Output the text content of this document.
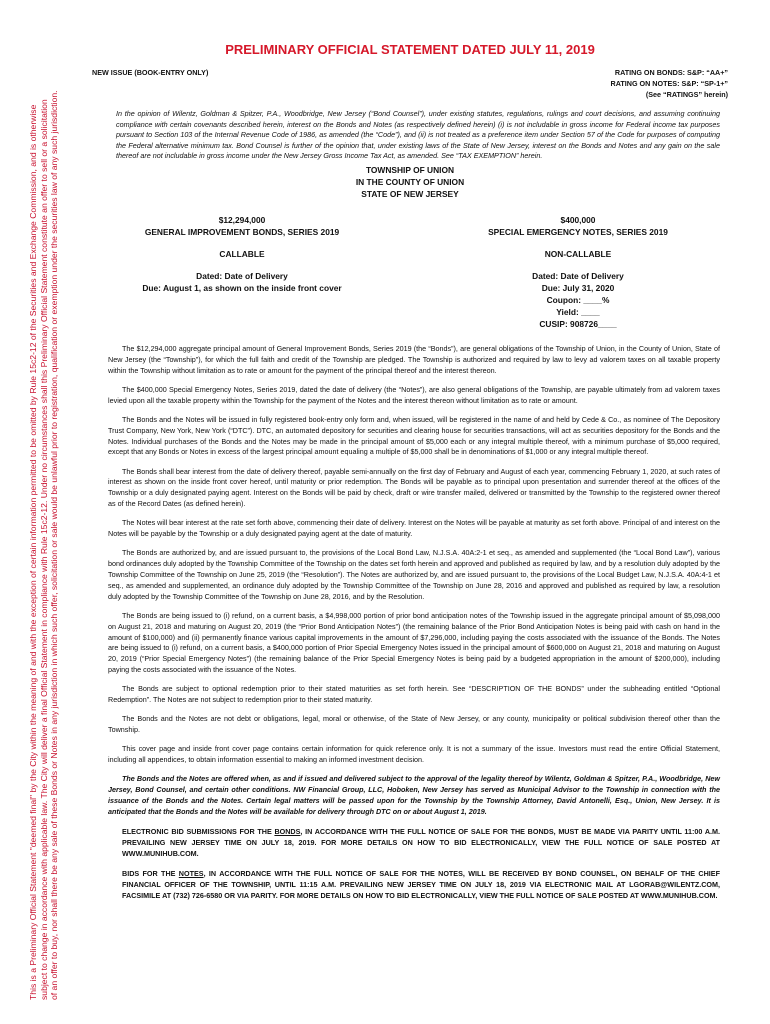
This is a Preliminary Official Statement "deemed final" by the City within the meaning of and with the exception of certain information permitted to be omitted by Rule 15c2-12 of the Securities and Exchange Commission, and is otherwise subject to change in accordance with applicable law. The City will deliver a final Official Statement in compliance with Rule 15c2-12. Under no circumstances shall this Preliminary Official Statement constitute an offer to sell or a solicitation of an offer to buy, nor shall there be any sale of these Bonds or Notes in any jurisdiction in which such offer, solicitation or sale would be unlawful prior to registration, qualification or exemption under the securities law of any such jurisdiction.
PRELIMINARY OFFICIAL STATEMENT DATED JULY 11, 2019
NEW ISSUE (BOOK-ENTRY ONLY)	RATING ON BONDS: S&P: “AA+”
RATING ON NOTES: S&P: “SP-1+”
(See “RATINGS” herein)
In the opinion of Wilentz, Goldman & Spitzer, P.A., Woodbridge, New Jersey (“Bond Counsel”), under existing statutes, regulations, rulings and court decisions, and assuming continuing compliance with certain covenants described herein, interest on the Bonds and Notes (as respectively defined herein) (i) is not includable in gross income for Federal income tax purposes pursuant to Section 103 of the Internal Revenue Code of 1986, as amended (the “Code”), and (ii) is not treated as a preference item under Section 57 of the Code for purposes of computing the Federal alternative minimum tax. Bond Counsel is further of the opinion that, under existing laws of the State of New Jersey, interest on the Bonds and Notes and any gain on the sale thereof are not includable in gross income under the New Jersey Gross Income Tax Act, as amended. See “TAX EXEMPTION” herein.
TOWNSHIP OF UNION
IN THE COUNTY OF UNION
STATE OF NEW JERSEY
$12,294,000
GENERAL IMPROVEMENT BONDS, SERIES 2019
CALLABLE
Dated: Date of Delivery
Due: August 1, as shown on the inside front cover
$400,000
SPECIAL EMERGENCY NOTES, SERIES 2019
NON-CALLABLE
Dated: Date of Delivery
Due: July 31, 2020
Coupon: ____%
Yield: ____
CUSIP: 908726____

The $12,294,000 aggregate principal amount of General Improvement Bonds, Series 2019 (the “Bonds”), are general obligations of the Township of Union, in the County of Union, State of New Jersey (the “Township”), for which the full faith and credit of the Township are pledged. The Township is authorized and required by law to levy ad valorem taxes on all taxable property within the Township without limitation as to rate or amount for the payment of the principal thereof and the interest thereon.

The $400,000 Special Emergency Notes, Series 2019, dated the date of delivery (the “Notes”), are also general obligations of the Township, are payable ultimately from ad valorem taxes levied upon all the taxable property within the Township for the payment of the Notes and the interest thereon without limitation as to rate or amount.

The Bonds and the Notes will be issued in fully registered book-entry only form and, when issued, will be registered in the name of and held by Cede & Co., as nominee of The Depository Trust Company, New York, New York (“DTC”). DTC, an automated depository for securities and clearing house for securities transactions, will act as securities depository for the Bonds and the Notes. Individual purchases of the Bonds and the Notes may be made in the principal amount of $5,000 each or any integral multiple thereof, with a minimum purchase of $5,000 required, except that any Bonds or Notes in excess of the largest principal amount equaling a multiple of $5,000 shall be in denominations of $1,000 or any integral multiple thereof.

The Bonds shall bear interest from the date of delivery thereof, payable semi-annually on the first day of February and August of each year, commencing February 1, 2020, at such rates of interest as shown on the inside front cover hereof, until maturity or prior redemption. The Bonds will be payable as to principal upon presentation and surrender thereof at the offices of the Township or a duly designated paying agent. Interest on the Bonds will be paid by check, draft or wire transfer mailed, delivered or transmitted by the Township to the registered owner thereof as of the Record Dates (as defined herein).

The Notes will bear interest at the rate set forth above, commencing their date of delivery. Interest on the Notes will be payable at maturity as set forth above. Principal of and interest on the Notes will be payable by the Township or a duly designated paying agent at the date of maturity.

The Bonds are authorized by, and are issued pursuant to, the provisions of the Local Bond Law, N.J.S.A. 40A:2-1 et seq., as amended and supplemented (the “Local Bond Law”), various bond ordinances duly adopted by the Township Committee of the Township on the dates set forth herein and approved and published as required by law, and by a resolution duly adopted by the Township Committee of the Township on June 25, 2019 (the “Resolution”). The Notes are authorized by, and are issued pursuant to, the provisions of the Local Budget Law, N.J.S.A. 40A:4-1 et seq., as amended and supplemented, an ordinance duly adopted by the Township Committee of the Township on June 28, 2016 and approved and published as required by law, a resolution duly adopted by the Township Committee of the Township on June 28, 2016, and by the Resolution.

The Bonds are being issued to (i) refund, on a current basis, a $4,998,000 portion of prior bond anticipation notes of the Township issued in the aggregate principal amount of $5,098,000 on August 21, 2018 and maturing on August 20, 2019 (the “Prior Bond Anticipation Notes”) (the remaining balance of the Prior Bond Anticipation Notes is being paid with cash on hand in the amount of $100,000) and (ii) permanently finance various capital improvements in the amount of $7,296,000, including paying the costs associated with the issuance of the Bonds. The Notes are being issued to (i) refund, on a current basis, a $400,000 portion of Prior Special Emergency Notes issued in the principal amount of $600,000 on August 21, 2018 and maturing on August 20, 2019 (“Prior Special Emergency Notes”) (the remaining balance of the Prior Special Emergency Notes is being paid by a budgeted appropriation in the amount of $200,000), including paying the costs associated with the issuance of the Notes.

The Bonds are subject to optional redemption prior to their stated maturities as set forth herein. See “DESCRIPTION OF THE BONDS” under the subheading entitled “Optional Redemption”. The Notes are not subject to redemption prior to their stated maturity.

The Bonds and the Notes are not debt or obligations, legal, moral or otherwise, of the State of New Jersey, or any county, municipality or political subdivision thereof other than the Township.

This cover page and inside front cover page contains certain information for quick reference only. It is not a summary of the issue. Investors must read the entire Official Statement, including all appendices, to obtain information essential to making an informed investment decision.

The Bonds and the Notes are offered when, as and if issued and delivered subject to the approval of the legality thereof by Wilentz, Goldman & Spitzer, P.A., Woodbridge, New Jersey, Bond Counsel, and certain other conditions. NW Financial Group, LLC, Hoboken, New Jersey has served as Municipal Advisor to the Township in connection with the issuance of the Bonds and the Notes. Certain legal matters will be passed upon for the Township by the Township Attorney, David Antonelli, Esq., Union, New Jersey. It is anticipated that the Bonds and the Notes will be available for delivery through DTC on or about August 1, 2019.

ELECTRONIC BID SUBMISSIONS FOR THE BONDS, IN ACCORDANCE WITH THE FULL NOTICE OF SALE FOR THE BONDS, MUST BE MADE VIA PARITY UNTIL 11:00 A.M. PREVAILING NEW JERSEY TIME ON JULY 18, 2019. FOR MORE DETAILS ON HOW TO BID ELECTRONICALLY, VIEW THE FULL NOTICE OF SALE POSTED AT WWW.MUNIHUB.COM.
BIDS FOR THE NOTES, IN ACCORDANCE WITH THE FULL NOTICE OF SALE FOR THE NOTES, WILL BE RECEIVED BY BOND COUNSEL, ON BEHALF OF THE CHIEF FINANCIAL OFFICER OF THE TOWNSHIP, UNTIL 11:15 A.M. PREVAILING NEW JERSEY TIME ON JULY 18, 2019 VIA ELECTRONIC MAIL AT LGORAB@WILENTZ.COM, FACSIMILE AT (732) 726-6580 OR VIA PARITY. FOR MORE DETAILS ON HOW TO BID ELECTRONICALLY, VIEW THE FULL NOTICE OF SALE POSTED AT WWW.MUNIHUB.COM.
